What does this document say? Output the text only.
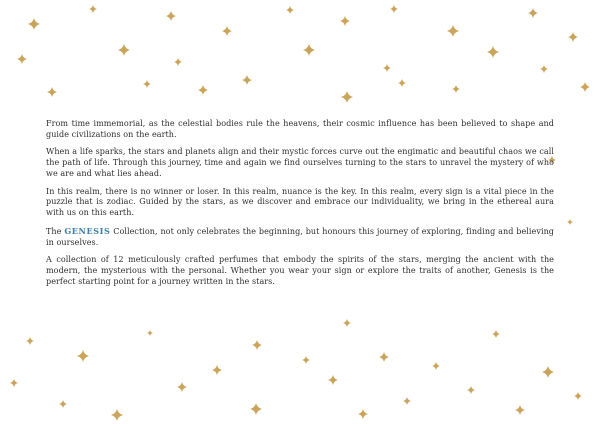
From time immemorial, as the celestial bodies rule the heavens, their cosmic influence has been believed to shape and guide civilizations on the earth.

When a life sparks, the stars and planets align and their mystic forces curve out the engimatic and beautiful chaos we call the path of life. Through this journey, time and again we find ourselves turning to the stars to unravel the mystery of who we are and what lies ahead.

In this realm, there is no winner or loser. In this realm, nuance is the key. In this realm, every sign is a vital piece in the puzzle that is zodiac. Guided by the stars, as we discover and embrace our individuality, we bring in the ethereal aura with us on this earth.

The GENESIS Collection, not only celebrates the beginning, but honours this journey of exploring, finding and believing in ourselves.

A collection of 12 meticulously crafted perfumes that embody the spirits of the stars, merging the ancient with the modern, the mysterious with the personal. Whether you wear your sign or explore the traits of another, Genesis is the perfect starting point for a journey written in the stars.
